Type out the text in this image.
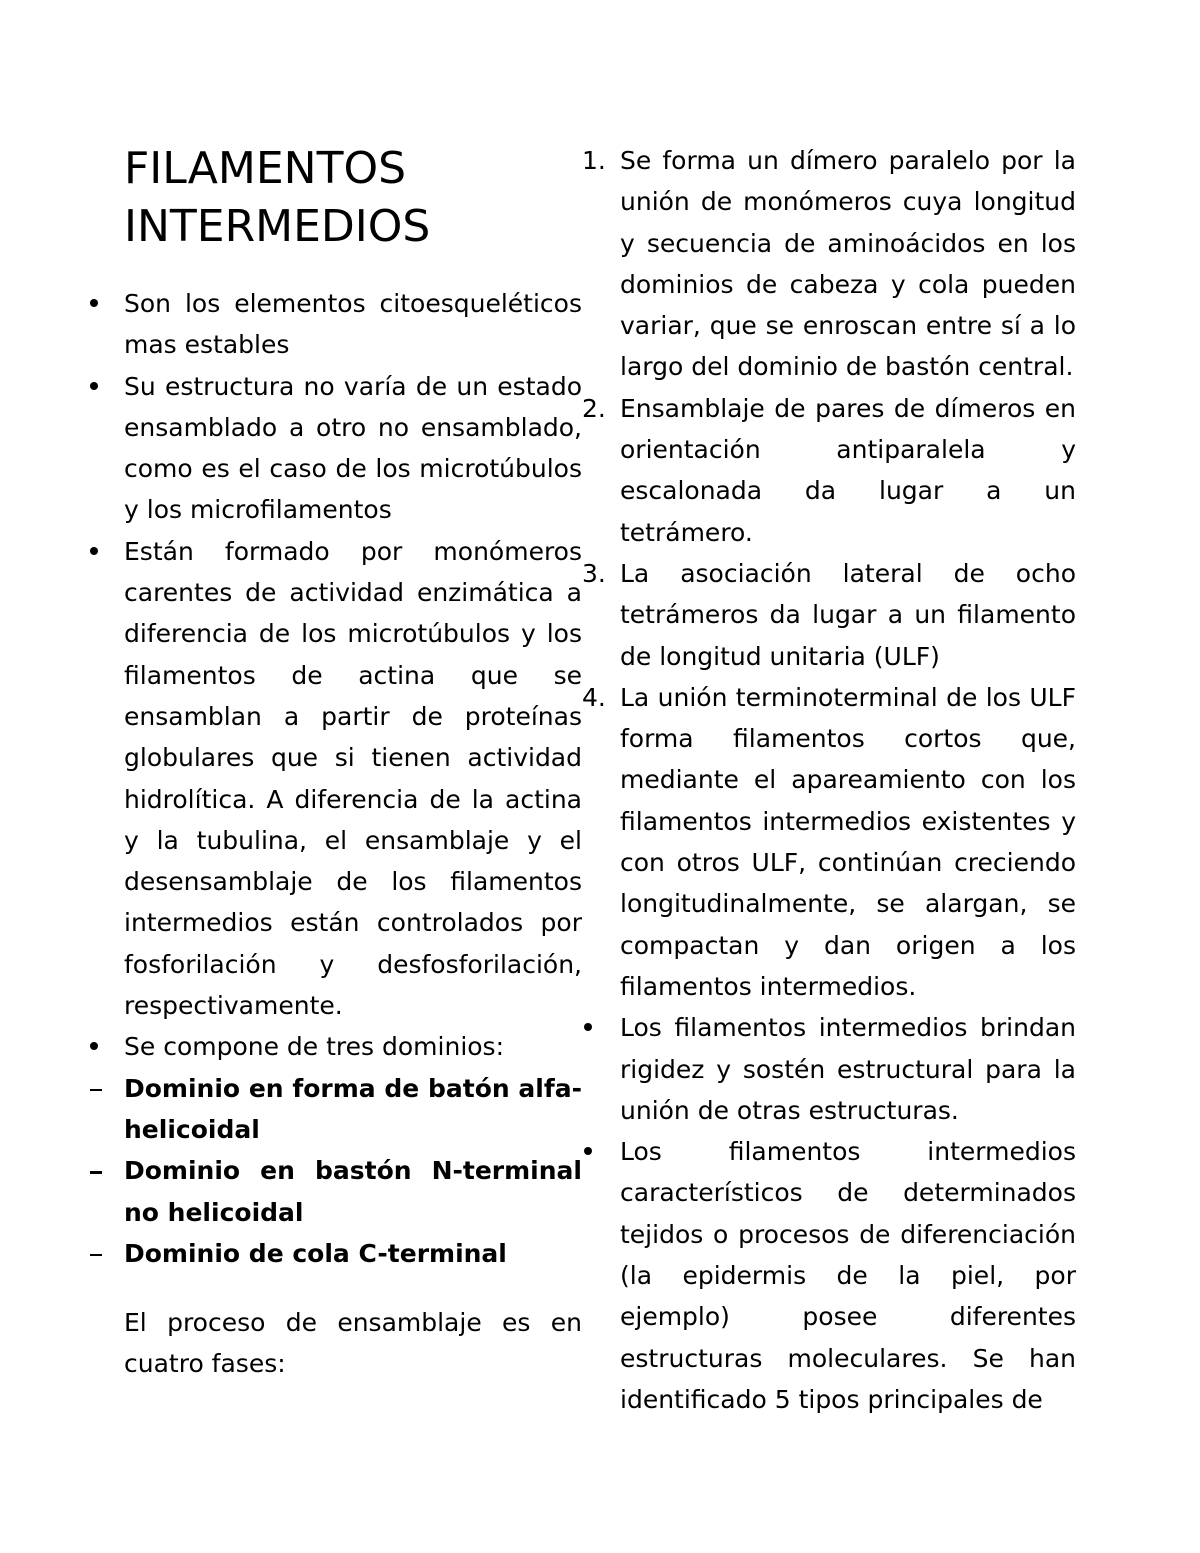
FILAMENTOS
INTERMEDIOS
Son los elementos citoesqueléticos mas estables
Su estructura no varía de un estado ensamblado a otro no ensamblado, como es el caso de los microtúbulos y los microfilamentos
Están formado por monómeros carentes de actividad enzimática a diferencia de los microtúbulos y los filamentos de actina que se ensamblan a partir de proteínas globulares que si tienen actividad hidrolítica. A diferencia de la actina y la tubulina, el ensamblaje y el desensamblaje de los filamentos intermedios están controlados por fosforilación y desfosforilación, respectivamente.
Se compone de tres dominios:
Dominio en forma de batón alfa-helicoidal
Dominio en bastón N-terminal no helicoidal
Dominio de cola C-terminal
El proceso de ensamblaje es en cuatro fases:
1. Se forma un dímero paralelo por la unión de monómeros cuya longitud y secuencia de aminoácidos en los dominios de cabeza y cola pueden variar, que se enroscan entre sí a lo largo del dominio de bastón central.
2. Ensamblaje de pares de dímeros en orientación antiparalela y escalonada da lugar a un tetrámero.
3. La asociación lateral de ocho tetrámeros da lugar a un filamento de longitud unitaria (ULF)
4. La unión terminoterminal de los ULF forma filamentos cortos que, mediante el apareamiento con los filamentos intermedios existentes y con otros ULF, continúan creciendo longitudinalmente, se alargan, se compactan y dan origen a los filamentos intermedios.
Los filamentos intermedios brindan rigidez y sostén estructural para la unión de otras estructuras.
Los filamentos intermedios característicos de determinados tejidos o procesos de diferenciación (la epidermis de la piel, por ejemplo) posee diferentes estructuras moleculares. Se han identificado 5 tipos principales de
